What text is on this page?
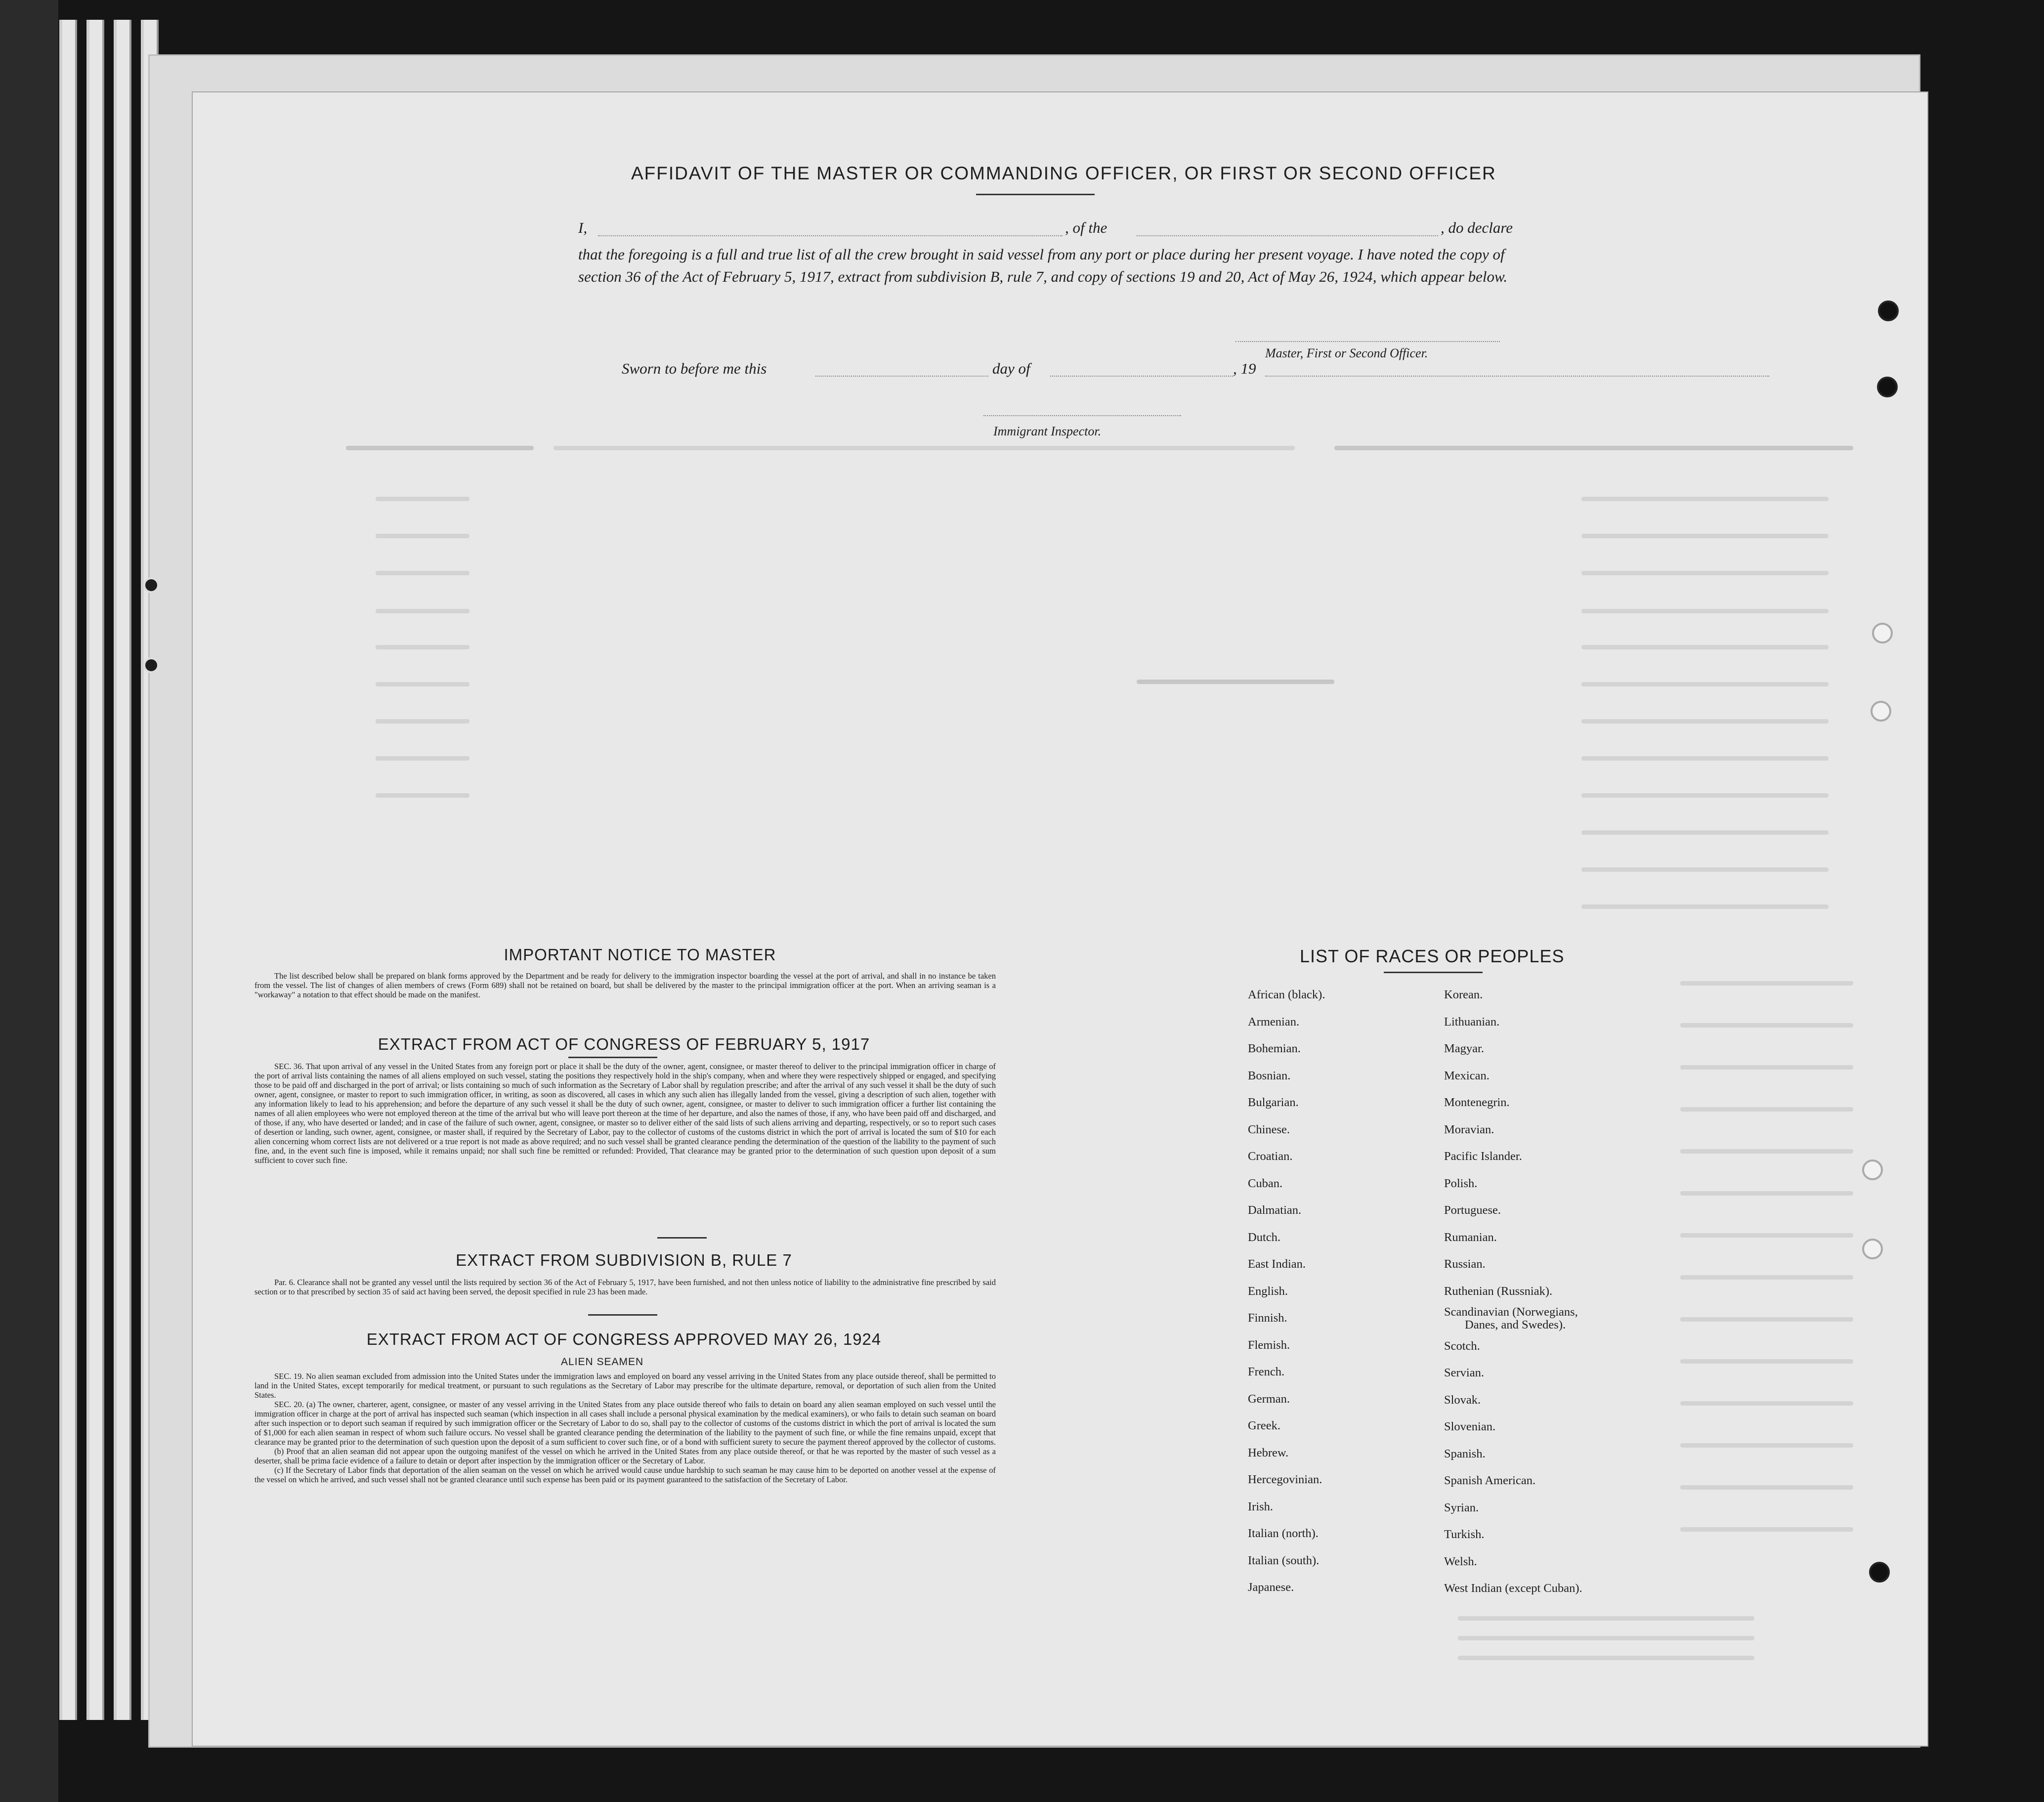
AFFIDAVIT OF THE MASTER OR COMMANDING OFFICER, OR FIRST OR SECOND OFFICER
I,	, of the	, do declare
that the foregoing is a full and true list of all the crew brought in said vessel from any port or place during her present voyage. I have noted the copy of section 36 of the Act of February 5, 1917, extract from subdivision B, rule 7, and copy of sections 19 and 20, Act of May 26, 1924, which appear below.
Master, First or Second Officer.
Sworn to before me this	day of	, 19
Immigrant Inspector.
IMPORTANT NOTICE TO MASTER

The list described below shall be prepared on blank forms approved by the Department and be ready for delivery to the immigration inspector boarding the vessel at the port of arrival, and shall in no instance be taken from the vessel. The list of changes of alien members of crews (Form 689) shall not be retained on board, but shall be delivered by the master to the principal immigration officer at the port. When an arriving seaman is a "workaway" a notation to that effect should be made on the manifest.

EXTRACT FROM ACT OF CONGRESS OF FEBRUARY 5, 1917

SEC. 36. That upon arrival of any vessel in the United States from any foreign port or place it shall be the duty of the owner, agent, consignee, or master thereof to deliver to the principal immigration officer in charge of the port of arrival lists containing the names of all aliens employed on such vessel, stating the positions they respectively hold in the ship's company, when and where they were respectively shipped or engaged, and specifying those to be paid off and discharged in the port of arrival; or lists containing so much of such information as the Secretary of Labor shall by regulation prescribe; and after the arrival of any such vessel it shall be the duty of such owner, agent, consignee, or master to report to such immigration officer, in writing, as soon as discovered, all cases in which any such alien has illegally landed from the vessel, giving a description of such alien, together with any information likely to lead to his apprehension; and before the departure of any such vessel it shall be the duty of such owner, agent, consignee, or master to deliver to such immigration officer a further list containing the names of all alien employees who were not employed thereon at the time of the arrival but who will leave port thereon at the time of her departure, and also the names of those, if any, who have been paid off and discharged, and of those, if any, who have deserted or landed; and in case of the failure of such owner, agent, consignee, or master so to deliver either of the said lists of such aliens arriving and departing, respectively, or so to report such cases of desertion or landing, such owner, agent, consignee, or master shall, if required by the Secretary of Labor, pay to the collector of customs of the customs district in which the port of arrival is located the sum of $10 for each alien concerning whom correct lists are not delivered or a true report is not made as above required; and no such vessel shall be granted clearance pending the determination of the question of the liability to the payment of such fine, and, in the event such fine is imposed, while it remains unpaid; nor shall such fine be remitted or refunded: Provided, That clearance may be granted prior to the determination of such question upon deposit of a sum sufficient to cover such fine.

EXTRACT FROM SUBDIVISION B, RULE 7

Par. 6. Clearance shall not be granted any vessel until the lists required by section 36 of the Act of February 5, 1917, have been furnished, and not then unless notice of liability to the administrative fine prescribed by said section or to that prescribed by section 35 of said act having been served, the deposit specified in rule 23 has been made.

EXTRACT FROM ACT OF CONGRESS APPROVED MAY 26, 1924
ALIEN SEAMEN

SEC. 19. No alien seaman excluded from admission into the United States under the immigration laws and employed on board any vessel arriving in the United States from any place outside thereof, shall be permitted to land in the United States, except temporarily for medical treatment, or pursuant to such regulations as the Secretary of Labor may prescribe for the ultimate departure, removal, or deportation of such alien from the United States.

SEC. 20. (a) The owner, charterer, agent, consignee, or master of any vessel arriving in the United States from any place outside thereof who fails to detain on board any alien seaman employed on such vessel until the immigration officer in charge at the port of arrival has inspected such seaman (which inspection in all cases shall include a personal physical examination by the medical examiners), or who fails to detain such seaman on board after such inspection or to deport such seaman if required by such immigration officer or the Secretary of Labor to do so, shall pay to the collector of customs of the customs district in which the port of arrival is located the sum of $1,000 for each alien seaman in respect of whom such failure occurs. No vessel shall be granted clearance pending the determination of the liability to the payment of such fine, or while the fine remains unpaid, except that clearance may be granted prior to the determination of such question upon the deposit of a sum sufficient to cover such fine, or of a bond with sufficient surety to secure the payment thereof approved by the collector of customs.

(b) Proof that an alien seaman did not appear upon the outgoing manifest of the vessel on which he arrived in the United States from any place outside thereof, or that he was reported by the master of such vessel as a deserter, shall be prima facie evidence of a failure to detain or deport after inspection by the immigration officer or the Secretary of Labor.

(c) If the Secretary of Labor finds that deportation of the alien seaman on the vessel on which he arrived would cause undue hardship to such seaman he may cause him to be deported on another vessel at the expense of the vessel on which he arrived, and such vessel shall not be granted clearance until such expense has been paid or its payment guaranteed to the satisfaction of the Secretary of Labor.

LIST OF RACES OR PEOPLES
African (black).
Armenian.
Bohemian.
Bosnian.
Bulgarian.
Chinese.
Croatian.
Cuban.
Dalmatian.
Dutch.
East Indian.
English.
Finnish.
Flemish.
French.
German.
Greek.
Hebrew.
Hercegovinian.
Irish.
Italian (north).
Italian (south).
Japanese.
Korean.
Lithuanian.
Magyar.
Mexican.
Montenegrin.
Moravian.
Pacific Islander.
Polish.
Portuguese.
Rumanian.
Russian.
Ruthenian (Russniak).
Scandinavian (Norwegians,
Danes, and Swedes).
Scotch.
Servian.
Slovak.
Slovenian.
Spanish.
Spanish American.
Syrian.
Turkish.
Welsh.
West Indian (except Cuban).
